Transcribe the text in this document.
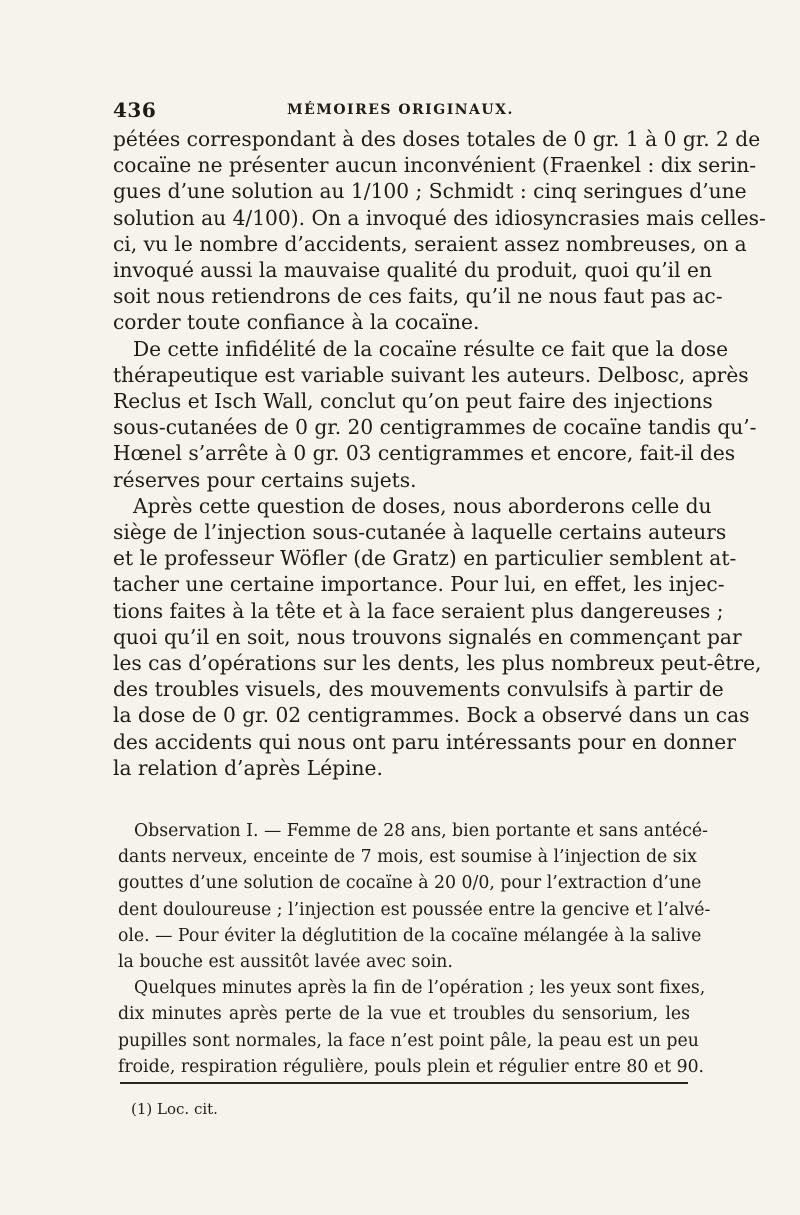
436	MÉMOIRES ORIGINAUX.
pétées correspondant à des doses totales de 0 gr. 1 à 0 gr. 2 de
cocaïne ne présenter aucun inconvénient (Fraenkel : dix serin-
gues d’une solution au 1/100 ; Schmidt : cinq seringues d’une
solution au 4/100). On a invoqué des idiosyncrasies mais celles-
ci, vu le nombre d’accidents, seraient assez nombreuses, on a
invoqué aussi la mauvaise qualité du produit, quoi qu’il en
soit nous retiendrons de ces faits, qu’il ne nous faut pas ac-
corder toute confiance à la cocaïne.
De cette infidélité de la cocaïne résulte ce fait que la dose
thérapeutique est variable suivant les auteurs. Delbosc, après
Reclus et Isch Wall, conclut qu’on peut faire des injections
sous-cutanées de 0 gr. 20 centigrammes de cocaïne tandis qu’-
Hœnel s’arrête à 0 gr. 03 centigrammes et encore, fait-il des
réserves pour certains sujets.
Après cette question de doses, nous aborderons celle du
siège de l’injection sous-cutanée à laquelle certains auteurs
et le professeur Wöfler (de Gratz) en particulier semblent at-
tacher une certaine importance. Pour lui, en effet, les injec-
tions faites à la tête et à la face seraient plus dangereuses ;
quoi qu’il en soit, nous trouvons signalés en commençant par
les cas d’opérations sur les dents, les plus nombreux peut-être,
des troubles visuels, des mouvements convulsifs à partir de
la dose de 0 gr. 02 centigrammes. Bock a observé dans un cas
des accidents qui nous ont paru intéressants pour en donner
la relation d’après Lépine.
Observation I. — Femme de 28 ans, bien portante et sans antécé-
dants nerveux, enceinte de 7 mois, est soumise à l’injection de six
gouttes d’une solution de cocaïne à 20 0/0, pour l’extraction d’une
dent douloureuse ; l’injection est poussée entre la gencive et l’alvé-
ole. — Pour éviter la déglutition de la cocaïne mélangée à la salive
la bouche est aussitôt lavée avec soin.
Quelques minutes après la fin de l’opération ; les yeux sont fixes,
dix minutes après perte de la vue et troubles du sensorium, les
pupilles sont normales, la face n’est point pâle, la peau est un peu
froide, respiration régulière, pouls plein et régulier entre 80 et 90.
(1) Loc. cit.
